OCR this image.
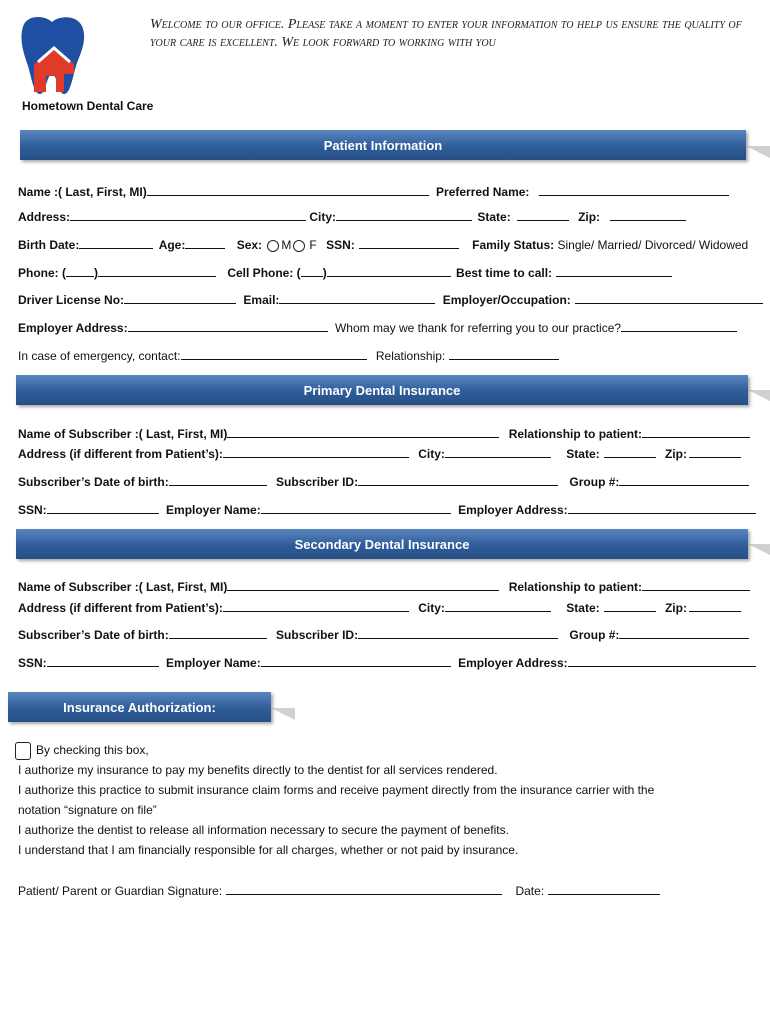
Welcome to our office. Please take a moment to enter your information to help us ensure the quality of your care is excellent. We look forward to working with you
Hometown Dental Care
Patient Information
Name :( Last, First, MI)	Preferred Name:
Address:	City:	State:	Zip:
Birth Date:	Age:	Sex: M F SSN:	Family Status: Single/ Married/ Divorced/ Widowed
Phone: ( )	Cell Phone: ( )	Best time to call:
Driver License No:	Email:	Employer/Occupation:
Employer Address:	Whom may we thank for referring you to our practice?
In case of emergency, contact:	Relationship:
Primary Dental Insurance
Name of Subscriber :( Last, First, MI)	Relationship to patient:
Address (if different from Patient’s):	City:	State:	Zip:
Subscriber’s Date of birth:	Subscriber ID:	Group #:
SSN:	Employer Name:	Employer Address:
Secondary Dental Insurance
Name of Subscriber :( Last, First, MI)	Relationship to patient:
Address (if different from Patient’s):	City:	State:	Zip:
Subscriber’s Date of birth:	Subscriber ID:	Group #:
SSN:	Employer Name:	Employer Address:
Insurance Authorization:
By checking this box,
I authorize my insurance to pay my benefits directly to the dentist for all services rendered.
I authorize this practice to submit insurance claim forms and receive payment directly from the insurance carrier with the
notation “signature on file”
I authorize the dentist to release all information necessary to secure the payment of benefits.
I understand that I am financially responsible for all charges, whether or not paid by insurance.
Patient/ Parent or Guardian Signature:	Date:
